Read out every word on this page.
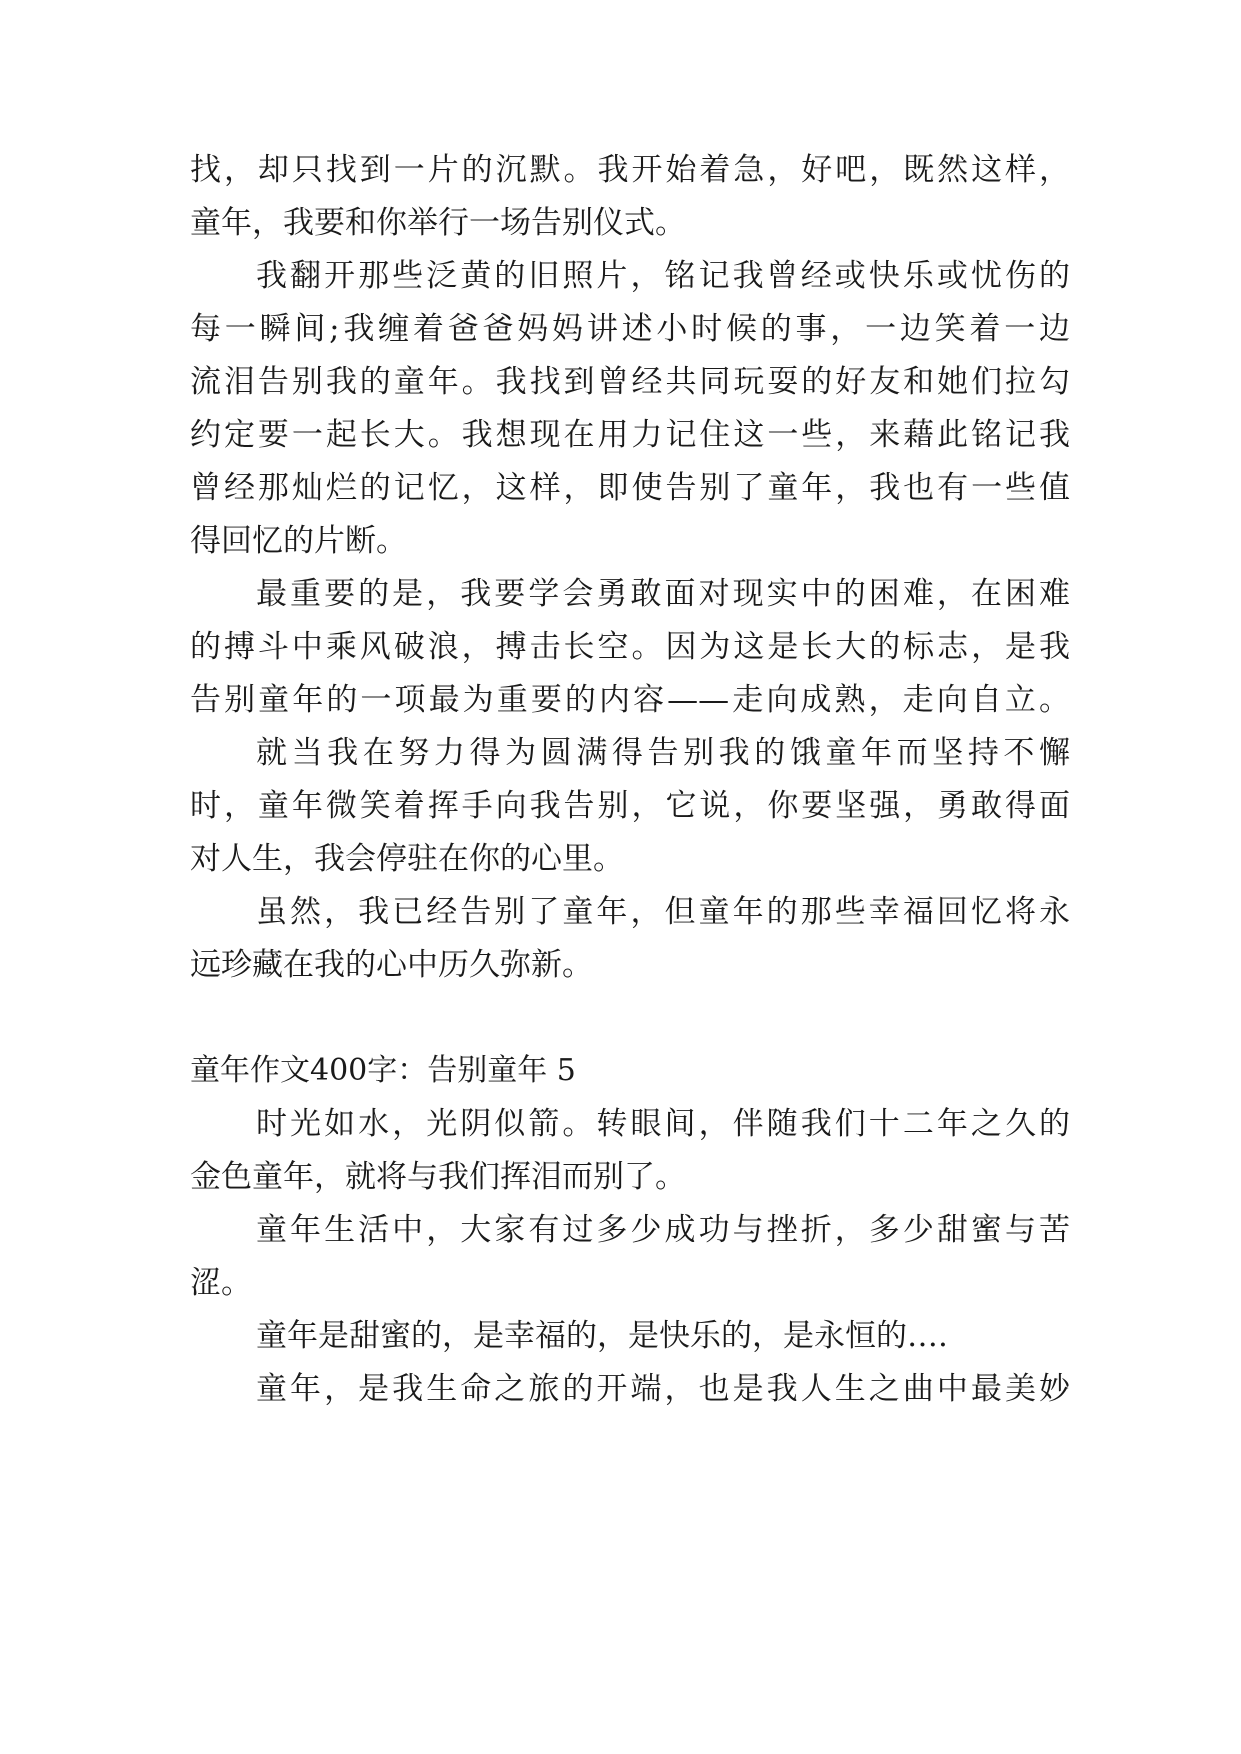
找，却只找到一片的沉默。我开始着急，好吧，既然这样，
童年，我要和你举行一场告别仪式。
我翻开那些泛黄的旧照片，铭记我曾经或快乐或忧伤的
每一瞬间;我缠着爸爸妈妈讲述小时候的事，一边笑着一边
流泪告别我的童年。我找到曾经共同玩耍的好友和她们拉勾
约定要一起长大。我想现在用力记住这一些，来藉此铭记我
曾经那灿烂的记忆，这样，即使告别了童年，我也有一些值
得回忆的片断。
最重要的是，我要学会勇敢面对现实中的困难，在困难
的搏斗中乘风破浪，搏击长空。因为这是长大的标志，是我
告别童年的一项最为重要的内容——走向成熟，走向自立。
就当我在努力得为圆满得告别我的饿童年而坚持不懈
时，童年微笑着挥手向我告别，它说，你要坚强，勇敢得面
对人生，我会停驻在你的心里。
虽然，我已经告别了童年，但童年的那些幸福回忆将永
远珍藏在我的心中历久弥新。
童年作文400字：告别童年 5
时光如水，光阴似箭。转眼间，伴随我们十二年之久的
金色童年，就将与我们挥泪而别了。
童年生活中，大家有过多少成功与挫折，多少甜蜜与苦
涩。
童年是甜蜜的，是幸福的，是快乐的，是永恒的….
童年，是我生命之旅的开端，也是我人生之曲中最美妙
